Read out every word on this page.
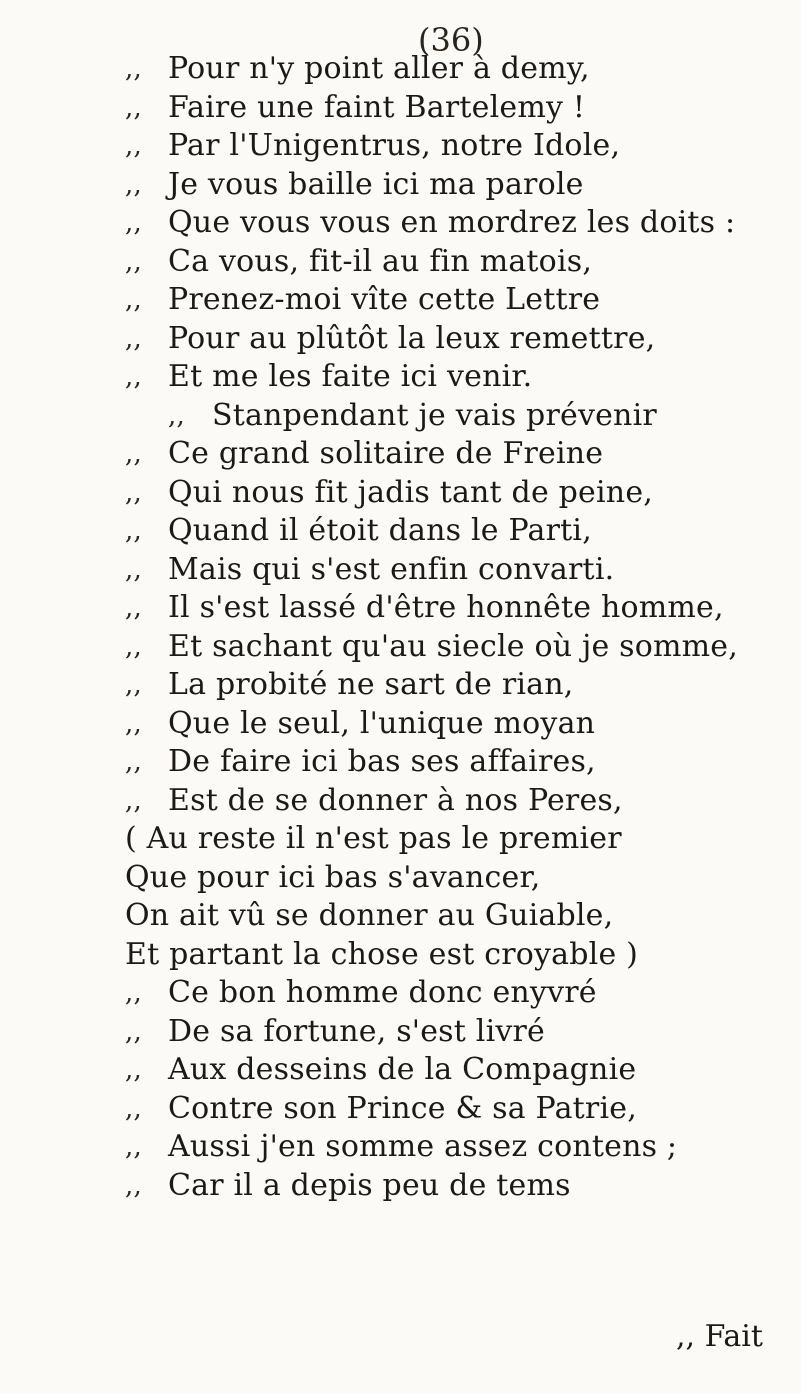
(36)
,, Pour n'y point aller à demy,
,, Faire une faint Bartelemy !
,, Par l'Unigentrus, notre Idole,
,, Je vous baille ici ma parole
,, Que vous vous en mordrez les doits :
,, Ca vous, fit-il au fin matois,
,, Prenez-moi vîte cette Lettre
,, Pour au plûtôt la leux remettre,
,, Et me les faite ici venir.
,, Stanpendant je vais prévenir
,, Ce grand solitaire de Freine
,, Qui nous fit jadis tant de peine,
,, Quand il étoit dans le Parti,
,, Mais qui s'est enfin convarti.
,, Il s'est lassé d'être honnête homme,
,, Et sachant qu'au siecle où je somme,
,, La probité ne sart de rian,
,, Que le seul, l'unique moyan
,, De faire ici bas ses affaires,
,, Est de se donner à nos Peres,
( Au reste il n'est pas le premier
Que pour ici bas s'avancer,
On ait vû se donner au Guiable,
Et partant la chose est croyable )
,, Ce bon homme donc enyvré
,, De sa fortune, s'est livré
,, Aux desseins de la Compagnie
,, Contre son Prince & sa Patrie,
,, Aussi j'en somme assez contens ;
,, Car il a depis peu de tems
,, Fait
